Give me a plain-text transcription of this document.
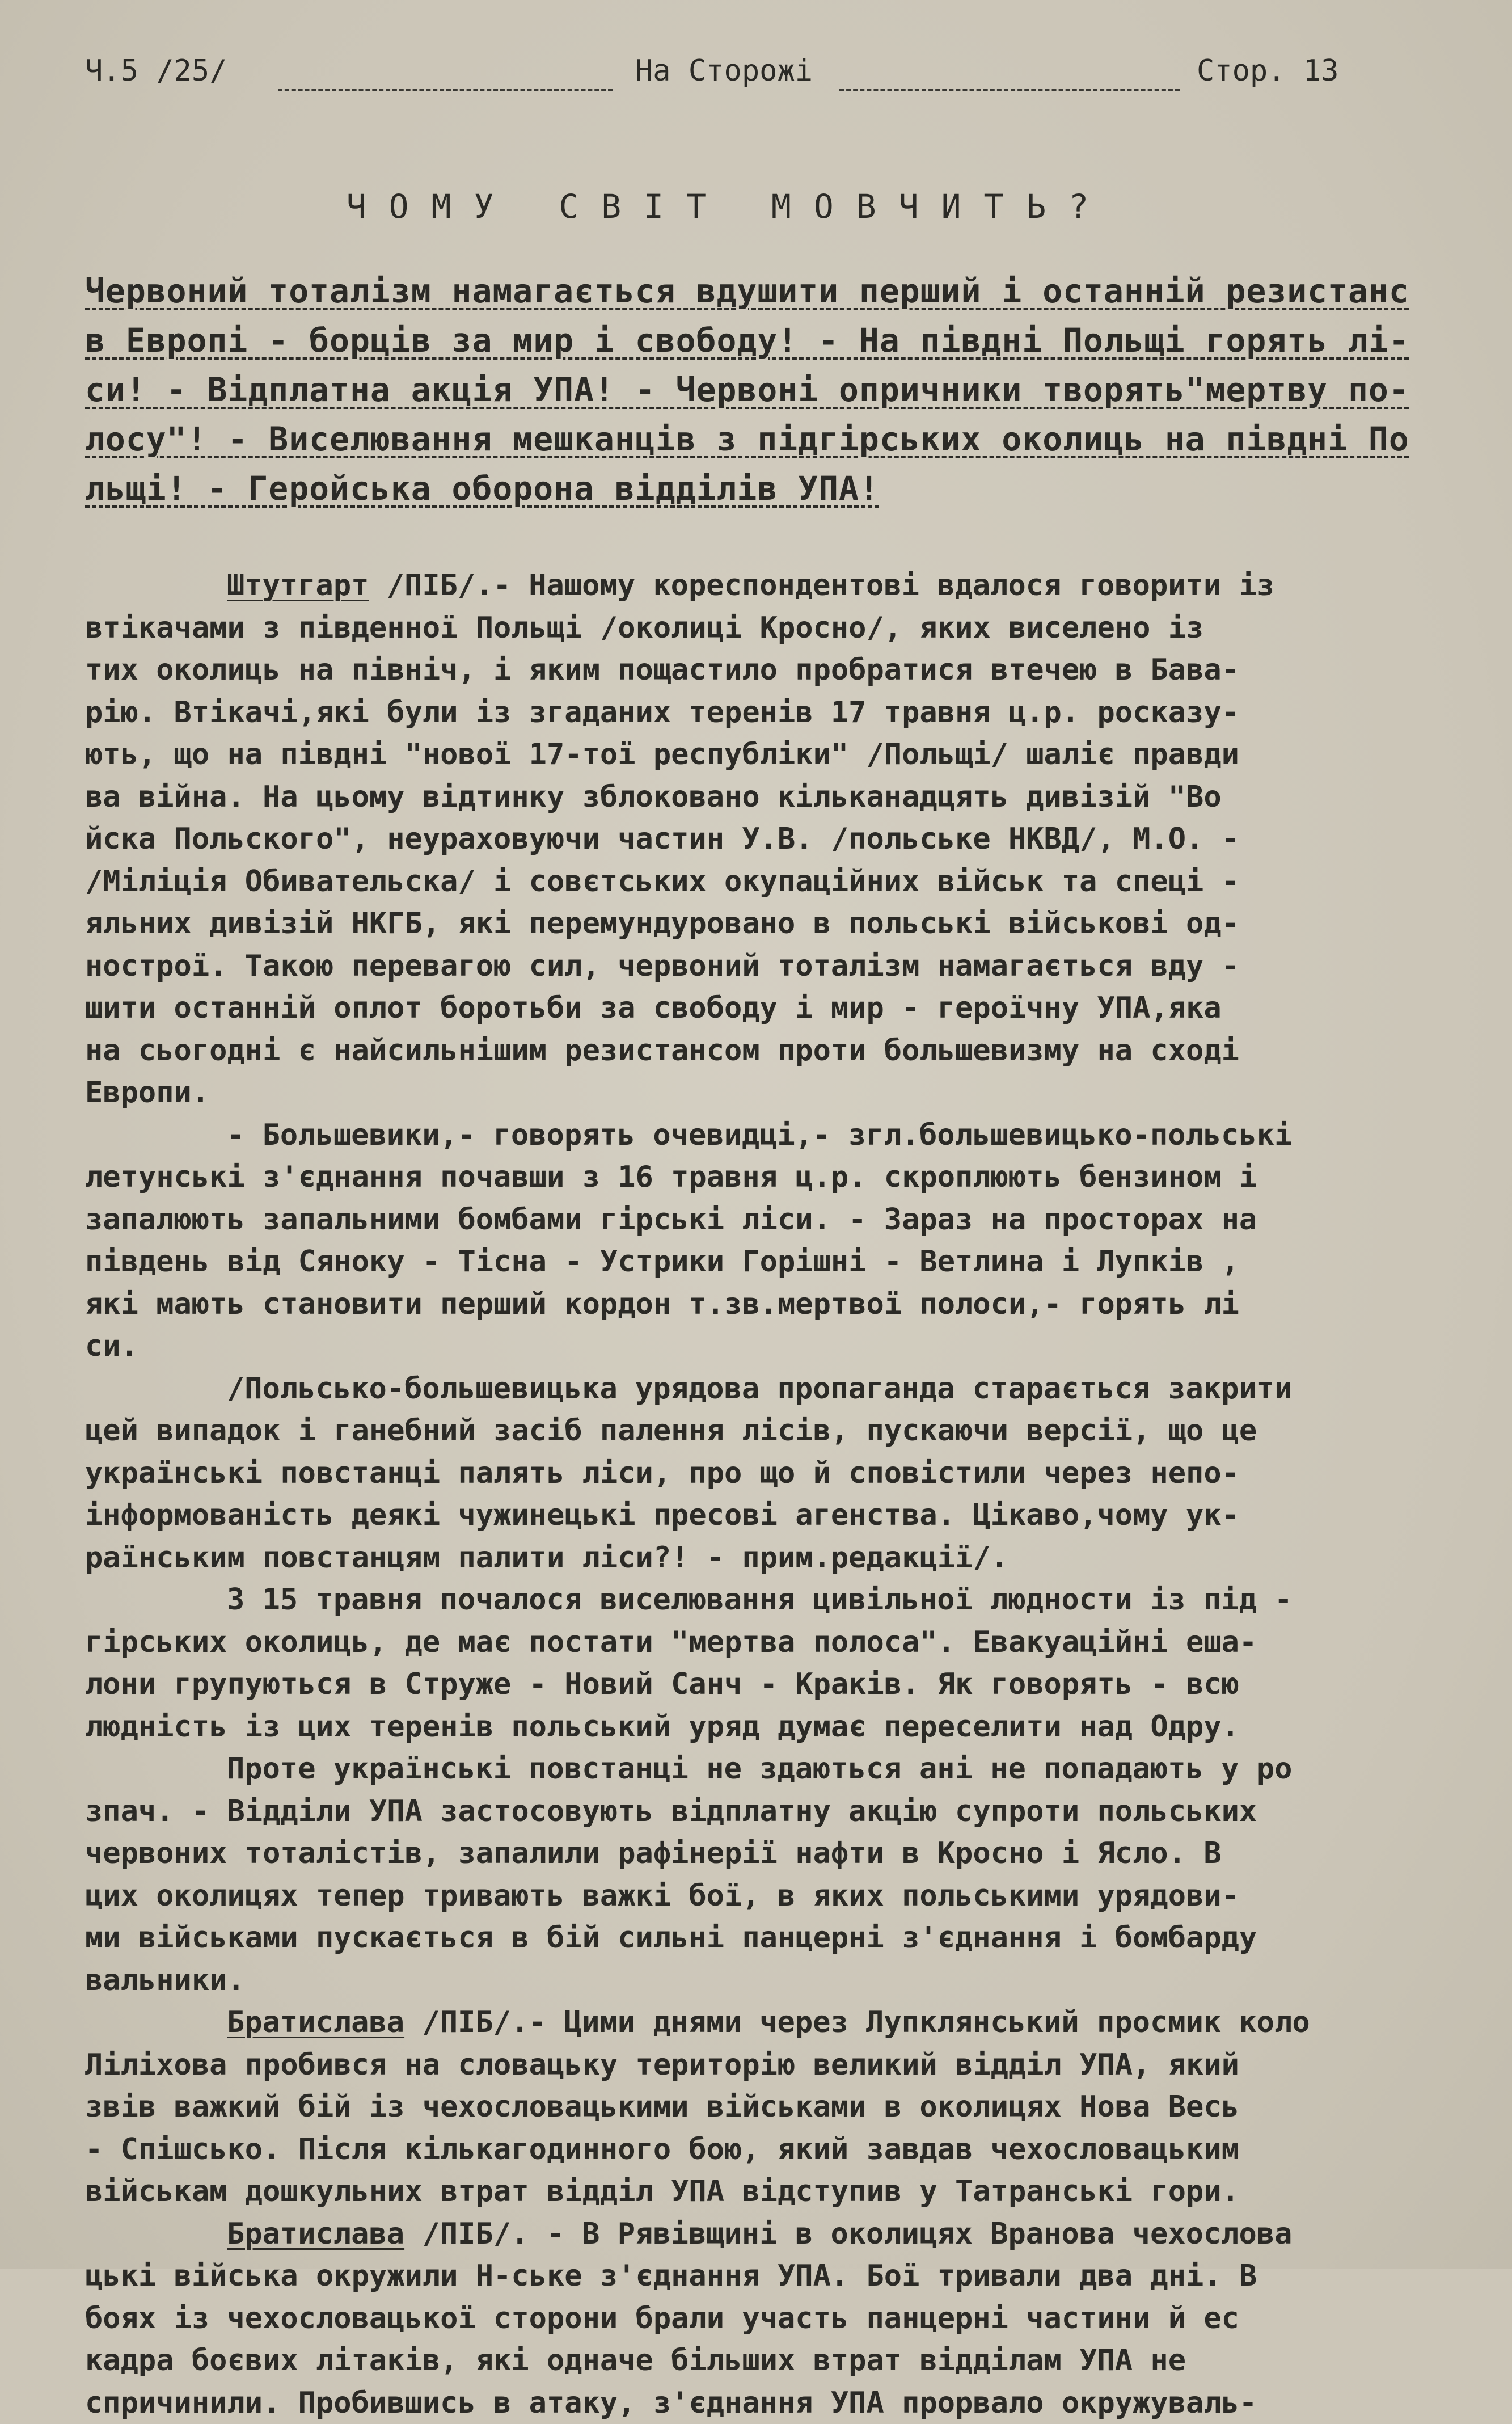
Ч.5 /25/	На Сторожі	Стор. 13
ЧОМУ СВІТ МОВЧИТЬ?
Червоний тоталізм намагається вдушити перший і останній резистанс
в Европі - борців за мир і свободу! - На півдні Польщі горять лі-
си! - Відплатна акція УПА! - Червоні опричники творять"мертву по-
лосу"! - Виселювання мешканців з підгірських околиць на півдні По
льщі! - Геройська оборона відділів УПА!
Штутгарт /ПІБ/.- Нашому кореспондентові вдалося говорити із
втікачами з південної Польщі /околиці Кросно/, яких виселено із
тих околиць на північ, і яким пощастило пробратися втечею в Бава-
рію. Втікачі,які були із згаданих теренів 17 травня ц.р. росказу-
ють, що на півдні "нової 17-тої республіки" /Польщі/ шаліє правди
ва війна. На цьому відтинку зблоковано кільканадцять дивізій "Во
йска Польского", неураховуючи частин У.В. /польське НКВД/, М.О. -
/Міліція Обивательска/ і совєтських окупаційних військ та спеці -
яльних дивізій НКГБ, які перемундуровано в польські військові од-
нострої. Такою перевагою сил, червоний тоталізм намагається вду -
шити останній оплот боротьби за свободу і мир - героїчну УПА,яка
на сьогодні є найсильнішим резистансом проти большевизму на сході
Европи.
- Большевики,- говорять очевидці,- згл.большевицько-польські
летунські з'єднання почавши з 16 травня ц.р. скроплюють бензином і
запалюють запальними бомбами гірські ліси. - Зараз на просторах на
південь від Сяноку - Тісна - Устрики Горішні - Ветлина і Лупків ,
які мають становити перший кордон т.зв.мертвої полоси,- горять лі
си.
/Польсько-большевицька урядова пропаганда старається закрити
цей випадок і ганебний засіб палення лісів, пускаючи версії, що це
українські повстанці палять ліси, про що й сповістили через непо-
інформованість деякі чужинецькі пресові агенства. Цікаво,чому ук-
раїнським повстанцям палити ліси?! - прим.редакції/.
З 15 травня почалося виселювання цивільної людности із під -
гірських околиць, де має постати "мертва полоса". Евакуаційні еша-
лони групуються в Струже - Новий Санч - Краків. Як говорять - всю
людність із цих теренів польський уряд думає переселити над Одру.
Проте українські повстанці не здаються ані не попадають у ро
зпач. - Відділи УПА застосовують відплатну акцію супроти польських
червоних тоталістів, запалили рафінерії нафти в Кросно і Ясло. В
цих околицях тепер тривають важкі бої, в яких польськими урядови-
ми військами пускається в бій сильні панцерні з'єднання і бомбарду
вальники.
Братислава /ПІБ/.- Цими днями через Лупклянський просмик коло
Ліліхова пробився на словацьку територію великий відділ УПА, який
звів важкий бій із чехословацькими військами в околицях Нова Весь
- Спішсько. Після кількагодинного бою, який завдав чехословацьким
військам дошкульних втрат відділ УПА відступив у Татранські гори.
Братислава /ПІБ/. - В Рявівщині в околицях Вранова чехослова
цькі війська окружили Н-ське з'єднання УПА. Бої тривали два дні. В
боях із чехословацької сторони брали участь панцерні частини й ес
кадра боєвих літаків, які одначе більших втрат відділам УПА не
спричинили. Пробившись в атаку, з'єднання УПА прорвало окружуваль-
